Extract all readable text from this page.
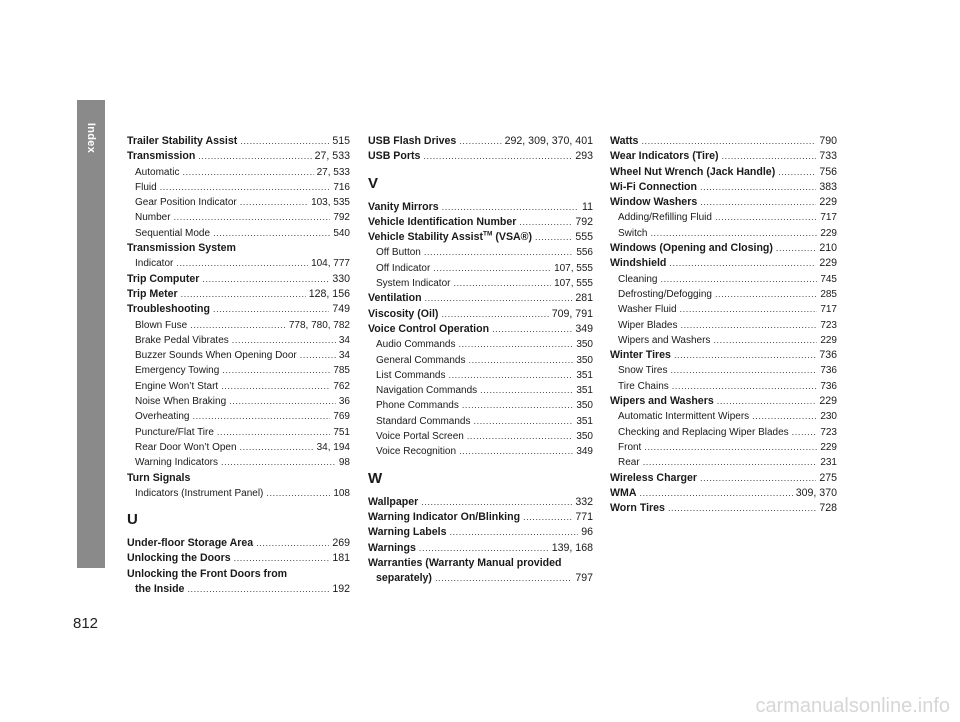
Index	Trailer Stability Assist .....	515
Transmission .....	27, 533
Automatic .....	27, 533
Fluid .....	716
Gear Position Indicator .....	103, 535
Number .....	792
Sequential Mode .....	540
Transmission System
Indicator .....	104, 777
Trip Computer .....	330
Trip Meter .....	128, 156
Troubleshooting .....	749
Blown Fuse .....	778, 780, 782
Brake Pedal Vibrates .....	34
Buzzer Sounds When Opening Door .....	34
Emergency Towing .....	785
Engine Won’t Start .....	762
Noise When Braking .....	36
Overheating .....	769
Puncture/Flat Tire .....	751
Rear Door Won’t Open .....	34, 194
Warning Indicators .....	98
Turn Signals
Indicators (Instrument Panel) .....	108
U
Under-floor Storage Area .....	269
Unlocking the Doors .....	181
Unlocking the Front Doors from
the Inside .....	192
USB Flash Drives .....	292, 309, 370, 401
USB Ports .....	293
V
Vanity Mirrors .....	11
Vehicle Identification Number .....	792
Vehicle Stability Assist™ (VSA®) .....	555
Off Button .....	556
Off Indicator .....	107, 555
System Indicator .....	107, 555
Ventilation .....	281
Viscosity (Oil) .....	709, 791
Voice Control Operation .....	349
Audio Commands .....	350
General Commands .....	350
List Commands .....	351
Navigation Commands .....	351
Phone Commands .....	350
Standard Commands .....	351
Voice Portal Screen .....	350
Voice Recognition .....	349
W
Wallpaper .....	332
Warning Indicator On/Blinking .....	771
Warning Labels .....	96
Warnings .....	139, 168
Warranties (Warranty Manual provided
separately) .....	797
Watts .....	790
Wear Indicators (Tire) .....	733
Wheel Nut Wrench (Jack Handle) .....	756
Wi-Fi Connection .....	383
Window Washers .....	229
Adding/Refilling Fluid .....	717
Switch .....	229
Windows (Opening and Closing) .....	210
Windshield .....	229
Cleaning .....	745
Defrosting/Defogging .....	285
Washer Fluid .....	717
Wiper Blades .....	723
Wipers and Washers .....	229
Winter Tires .....	736
Snow Tires .....	736
Tire Chains .....	736
Wipers and Washers .....	229
Automatic Intermittent Wipers .....	230
Checking and Replacing Wiper Blades .....	723
Front .....	229
Rear .....	231
Wireless Charger .....	275
WMA .....	309, 370
Worn Tires .....	728
812
carmanualsonline.info
